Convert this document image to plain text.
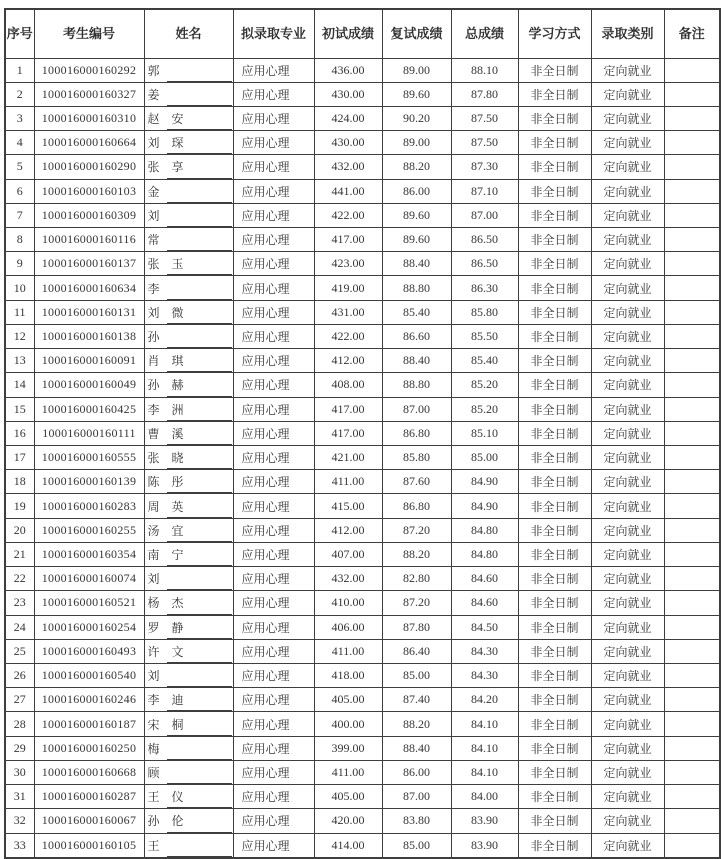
序号	考生编号	姓名	拟录取专业	初试成绩	复试成绩	总成绩	学习方式	录取类别	备注
1	100016000160292	郭	应用心理	436.00	89.00	88.10	非全日制	定向就业	
2	100016000160327	姜	应用心理	430.00	89.60	87.80	非全日制	定向就业	
3	100016000160310	赵　安	应用心理	424.00	90.20	87.50	非全日制	定向就业	
4	100016000160664	刘　琛	应用心理	430.00	89.00	87.50	非全日制	定向就业	
5	100016000160290	张　享	应用心理	432.00	88.20	87.30	非全日制	定向就业	
6	100016000160103	金	应用心理	441.00	86.00	87.10	非全日制	定向就业	
7	100016000160309	刘	应用心理	422.00	89.60	87.00	非全日制	定向就业	
8	100016000160116	常	应用心理	417.00	89.60	86.50	非全日制	定向就业	
9	100016000160137	张　玉	应用心理	423.00	88.40	86.50	非全日制	定向就业	
10	100016000160634	李	应用心理	419.00	88.80	86.30	非全日制	定向就业	
11	100016000160131	刘　微	应用心理	431.00	85.40	85.80	非全日制	定向就业	
12	100016000160138	孙	应用心理	422.00	86.60	85.50	非全日制	定向就业	
13	100016000160091	肖　琪	应用心理	412.00	88.40	85.40	非全日制	定向就业	
14	100016000160049	孙　赫	应用心理	408.00	88.80	85.20	非全日制	定向就业	
15	100016000160425	李　洲	应用心理	417.00	87.00	85.20	非全日制	定向就业	
16	100016000160111	曹　溪	应用心理	417.00	86.80	85.10	非全日制	定向就业	
17	100016000160555	张　晓	应用心理	421.00	85.80	85.00	非全日制	定向就业	
18	100016000160139	陈　彤	应用心理	411.00	87.60	84.90	非全日制	定向就业	
19	100016000160283	周　英	应用心理	415.00	86.80	84.90	非全日制	定向就业	
20	100016000160255	汤　宜	应用心理	412.00	87.20	84.80	非全日制	定向就业	
21	100016000160354	南　宁	应用心理	407.00	88.20	84.80	非全日制	定向就业	
22	100016000160074	刘	应用心理	432.00	82.80	84.60	非全日制	定向就业	
23	100016000160521	杨　杰	应用心理	410.00	87.20	84.60	非全日制	定向就业	
24	100016000160254	罗　静	应用心理	406.00	87.80	84.50	非全日制	定向就业	
25	100016000160493	许　文	应用心理	411.00	86.40	84.30	非全日制	定向就业	
26	100016000160540	刘	应用心理	418.00	85.00	84.30	非全日制	定向就业	
27	100016000160246	李　迪	应用心理	405.00	87.40	84.20	非全日制	定向就业	
28	100016000160187	宋　桐	应用心理	400.00	88.20	84.10	非全日制	定向就业	
29	100016000160250	梅	应用心理	399.00	88.40	84.10	非全日制	定向就业	
30	100016000160668	顾	应用心理	411.00	86.00	84.10	非全日制	定向就业	
31	100016000160287	王　仪	应用心理	405.00	87.00	84.00	非全日制	定向就业	
32	100016000160067	孙　伦	应用心理	420.00	83.80	83.90	非全日制	定向就业	
33	100016000160105	王	应用心理	414.00	85.00	83.90	非全日制	定向就业	
